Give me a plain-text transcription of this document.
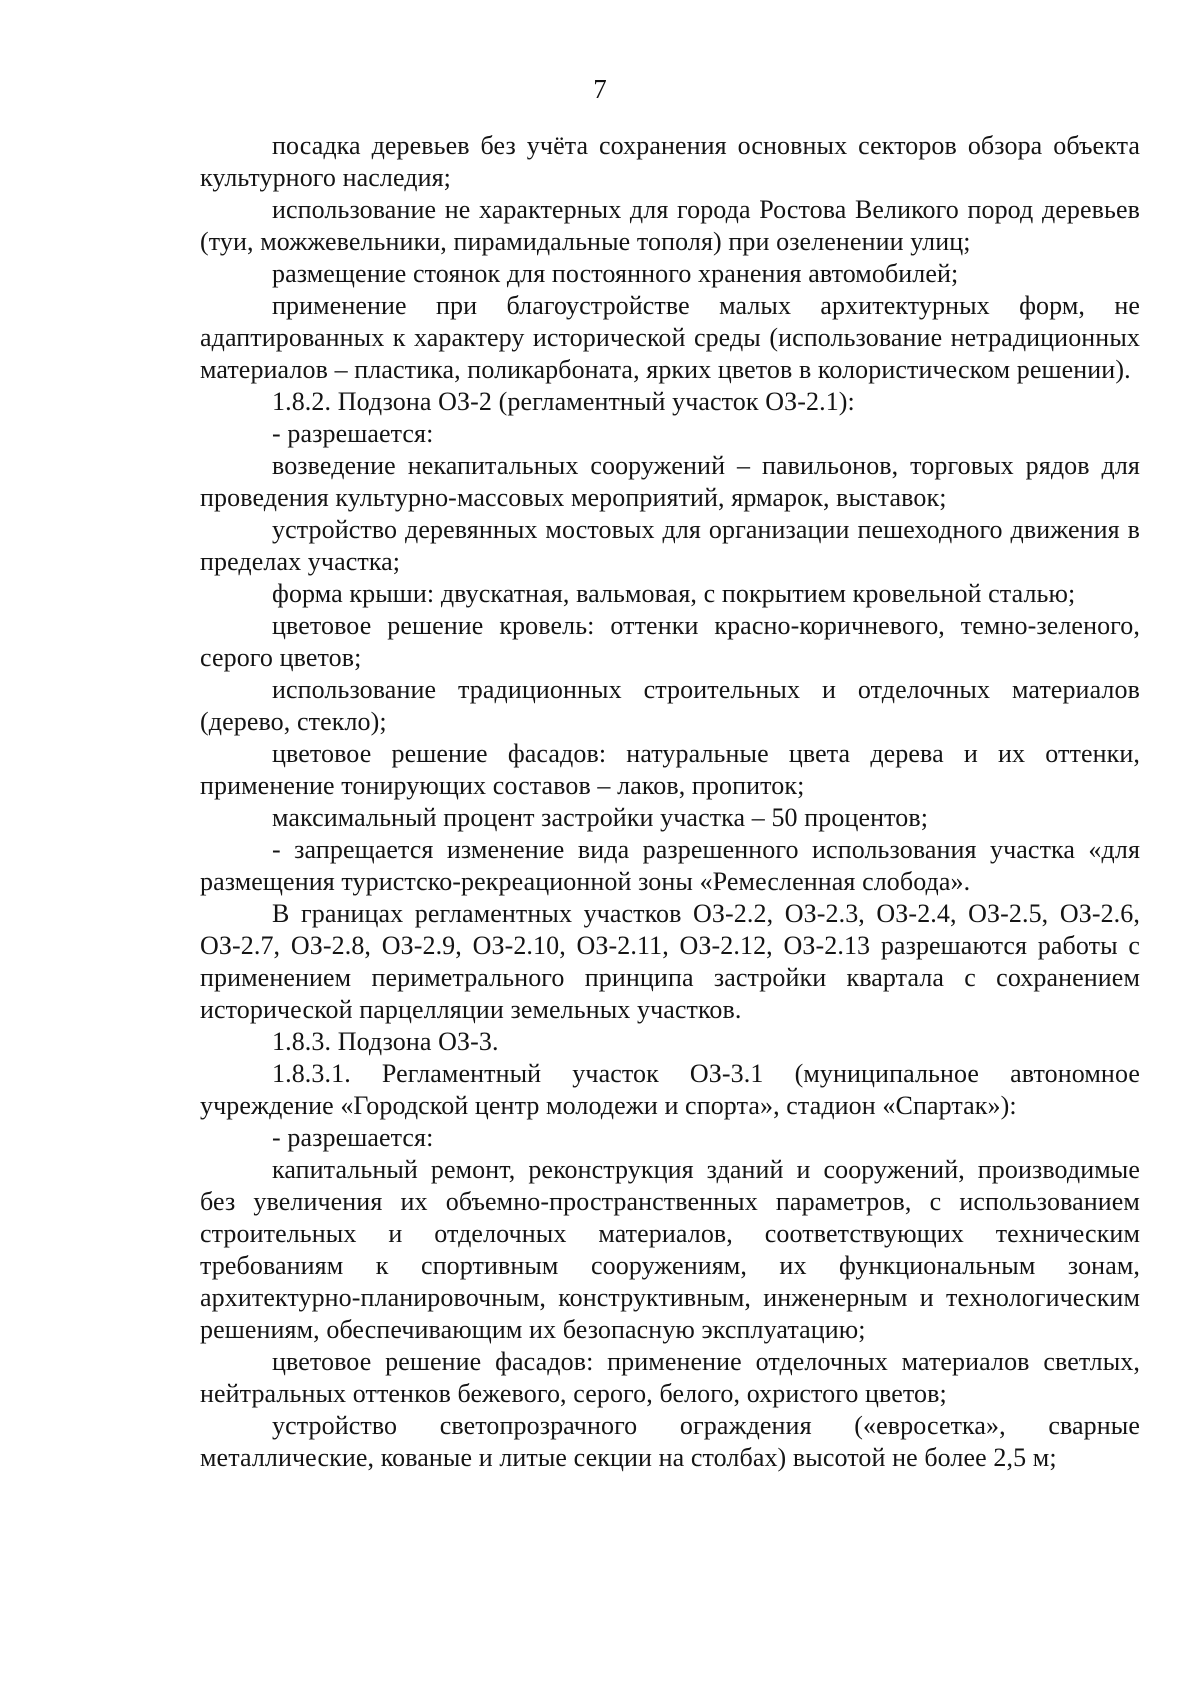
7

посадка деревьев без учёта сохранения основных секторов обзора объекта культурного наследия;

использование не характерных для города Ростова Великого пород деревьев (туи, можжевельники, пирамидальные тополя) при озеленении улиц;

размещение стоянок для постоянного хранения автомобилей;

применение при благоустройстве малых архитектурных форм, не адаптированных к характеру исторической среды (использование нетрадиционных материалов – пластика, поликарбоната, ярких цветов в колористическом решении).

1.8.2. Подзона ОЗ-2 (регламентный участок ОЗ-2.1):

- разрешается:

возведение некапитальных сооружений – павильонов, торговых рядов для проведения культурно-массовых мероприятий, ярмарок, выставок;

устройство деревянных мостовых для организации пешеходного движения в пределах участка;

форма крыши: двускатная, вальмовая, с покрытием кровельной сталью;

цветовое решение кровель: оттенки красно-коричневого, темно-зеленого, серого цветов;

использование традиционных строительных и отделочных материалов (дерево, стекло);

цветовое решение фасадов: натуральные цвета дерева и их оттенки, применение тонирующих составов – лаков, пропиток;

максимальный процент застройки участка – 50 процентов;

- запрещается изменение вида разрешенного использования участка «для размещения туристско-рекреационной зоны «Ремесленная слобода».

В границах регламентных участков ОЗ-2.2, ОЗ-2.3, ОЗ-2.4, ОЗ-2.5, ОЗ-2.6, ОЗ-2.7, ОЗ-2.8, ОЗ-2.9, ОЗ-2.10, ОЗ-2.11, ОЗ-2.12, ОЗ-2.13 разрешаются работы с применением периметрального принципа застройки квартала с сохранением исторической парцелляции земельных участков.

1.8.3. Подзона ОЗ-3.

1.8.3.1. Регламентный участок ОЗ-3.1 (муниципальное автономное учреждение «Городской центр молодежи и спорта», стадион «Спартак»):

- разрешается:

капитальный ремонт, реконструкция зданий и сооружений, производимые без увеличения их объемно-пространственных параметров, с использованием строительных и отделочных материалов, соответствующих техническим требованиям к спортивным сооружениям, их функциональным зонам, архитектурно-планировочным, конструктивным, инженерным и технологическим решениям, обеспечивающим их безопасную эксплуатацию;

цветовое решение фасадов: применение отделочных материалов светлых, нейтральных оттенков бежевого, серого, белого, охристого цветов;

устройство светопрозрачного ограждения («евросетка», сварные металлические, кованые и литые секции на столбах) высотой не более 2,5 м;
